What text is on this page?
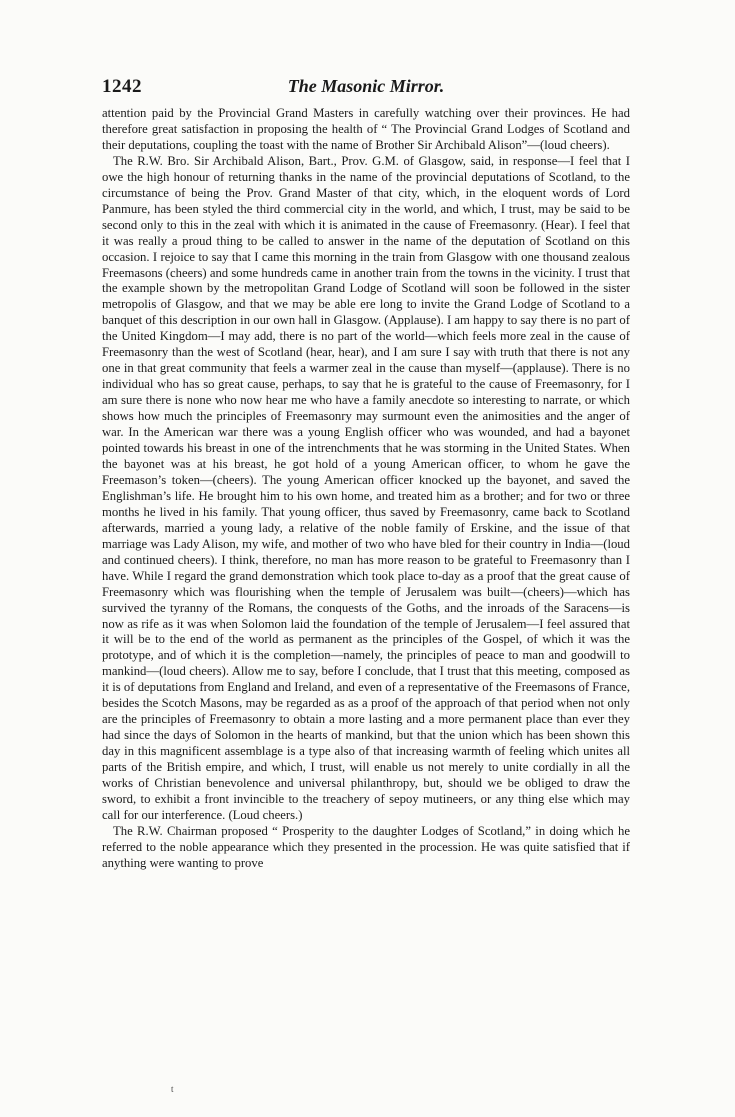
1242	The Masonic Mirror.

attention paid by the Provincial Grand Masters in carefully watching over their provinces. He had therefore great satisfaction in proposing the health of “ The Provincial Grand Lodges of Scotland and their deputations, coupling the toast with the name of Brother Sir Archibald Alison”—(loud cheers).

The R.W. Bro. Sir Archibald Alison, Bart., Prov. G.M. of Glasgow, said, in response—I feel that I owe the high honour of returning thanks in the name of the provincial deputations of Scotland, to the circumstance of being the Prov. Grand Master of that city, which, in the eloquent words of Lord Panmure, has been styled the third commercial city in the world, and which, I trust, may be said to be second only to this in the zeal with which it is animated in the cause of Freemasonry. (Hear). I feel that it was really a proud thing to be called to answer in the name of the deputation of Scotland on this occasion. I rejoice to say that I came this morning in the train from Glasgow with one thousand zealous Freemasons (cheers) and some hundreds came in another train from the towns in the vicinity. I trust that the example shown by the metropolitan Grand Lodge of Scotland will soon be followed in the sister metropolis of Glasgow, and that we may be able ere long to invite the Grand Lodge of Scotland to a banquet of this description in our own hall in Glasgow. (Applause). I am happy to say there is no part of the United Kingdom—I may add, there is no part of the world—which feels more zeal in the cause of Freemasonry than the west of Scotland (hear, hear), and I am sure I say with truth that there is not any one in that great community that feels a warmer zeal in the cause than myself—(applause). There is no individual who has so great cause, perhaps, to say that he is grateful to the cause of Freemasonry, for I am sure there is none who now hear me who have a family anecdote so interesting to narrate, or which shows how much the principles of Freemasonry may surmount even the animosities and the anger of war. In the American war there was a young English officer who was wounded, and had a bayonet pointed towards his breast in one of the intrenchments that he was storming in the United States. When the bayonet was at his breast, he got hold of a young American officer, to whom he gave the Freemason’s token—(cheers). The young American officer knocked up the bayonet, and saved the Englishman’s life. He brought him to his own home, and treated him as a brother; and for two or three months he lived in his family. That young officer, thus saved by Freemasonry, came back to Scotland afterwards, married a young lady, a relative of the noble family of Erskine, and the issue of that marriage was Lady Alison, my wife, and mother of two who have bled for their country in India—(loud and continued cheers). I think, therefore, no man has more reason to be grateful to Freemasonry than I have. While I regard the grand demonstration which took place to-day as a proof that the great cause of Freemasonry which was flourishing when the temple of Jerusalem was built—(cheers)—which has survived the tyranny of the Romans, the conquests of the Goths, and the inroads of the Saracens—is now as rife as it was when Solomon laid the foundation of the temple of Jerusalem—I feel assured that it will be to the end of the world as permanent as the principles of the Gospel, of which it was the prototype, and of which it is the completion—namely, the principles of peace to man and goodwill to mankind—(loud cheers). Allow me to say, before I conclude, that I trust that this meeting, composed as it is of deputations from England and Ireland, and even of a representative of the Freemasons of France, besides the Scotch Masons, may be regarded as as a proof of the approach of that period when not only are the principles of Freemasonry to obtain a more lasting and a more permanent place than ever they had since the days of Solomon in the hearts of mankind, but that the union which has been shown this day in this magnificent assemblage is a type also of that increasing warmth of feeling which unites all parts of the British empire, and which, I trust, will enable us not merely to unite cordially in all the works of Christian benevolence and universal philanthropy, but, should we be obliged to draw the sword, to exhibit a front invincible to the treachery of sepoy mutineers, or any thing else which may call for our interference. (Loud cheers.)

The R.W. Chairman proposed “ Prosperity to the daughter Lodges of Scotland,” in doing which he referred to the noble appearance which they presented in the procession. He was quite satisfied that if anything were wanting to prove

t
